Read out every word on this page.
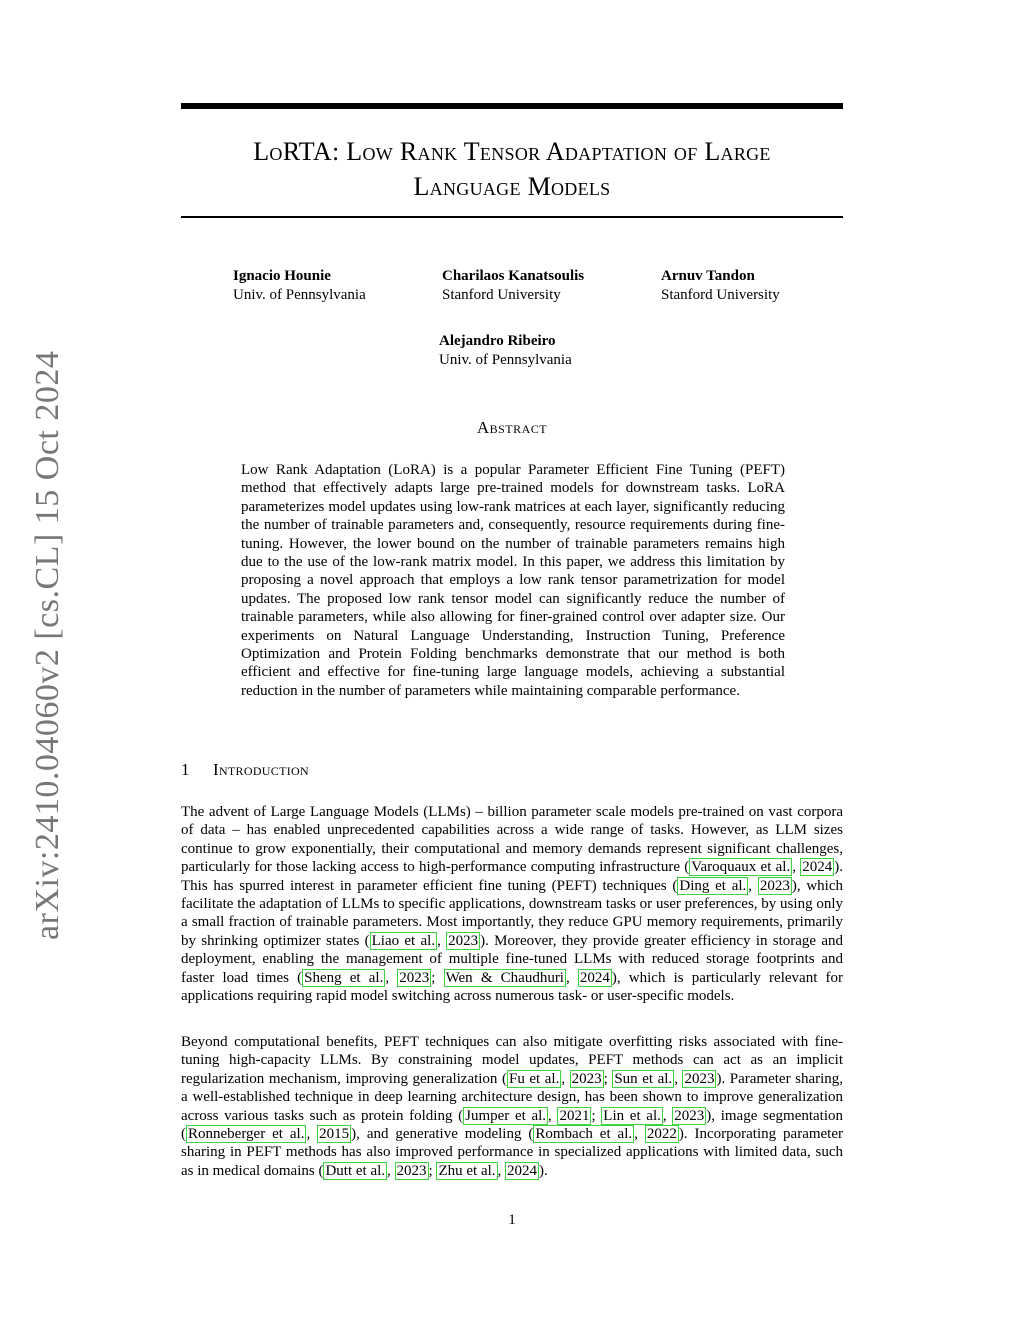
arXiv:2410.04060v2 [cs.CL] 15 Oct 2024
LoRTA: Low Rank Tensor Adaptation of Large
Language Models
Ignacio Hounie
Univ. of Pennsylvania
Charilaos Kanatsoulis
Stanford University
Arnuv Tandon
Stanford University
Alejandro Ribeiro
Univ. of Pennsylvania
Abstract
Low Rank Adaptation (LoRA) is a popular Parameter Efficient Fine Tuning (PEFT) method that effectively adapts large pre-trained models for downstream tasks. LoRA parameterizes model updates using low-rank matrices at each layer, significantly reducing the number of trainable parameters and, consequently, resource requirements during fine-tuning. However, the lower bound on the number of trainable parameters remains high due to the use of the low-rank matrix model. In this paper, we address this limitation by proposing a novel approach that employs a low rank tensor parametrization for model updates. The proposed low rank tensor model can significantly reduce the number of trainable parameters, while also allowing for finer-grained control over adapter size. Our experiments on Natural Language Understanding, Instruction Tuning, Preference Optimization and Protein Folding benchmarks demonstrate that our method is both efficient and effective for fine-tuning large language models, achieving a substantial reduction in the number of parameters while maintaining comparable performance.
1 Introduction
The advent of Large Language Models (LLMs) – billion parameter scale models pre-trained on vast corpora of data – has enabled unprecedented capabilities across a wide range of tasks. However, as LLM sizes continue to grow exponentially, their computational and memory demands represent significant challenges, particularly for those lacking access to high-performance computing infrastructure ( Varoquaux et al. , 2024 ). This has spurred interest in parameter efficient fine tuning (PEFT) techniques ( Ding et al. , 2023 ), which facilitate the adaptation of LLMs to specific applications, downstream tasks or user preferences, by using only a small fraction of trainable parameters. Most importantly, they reduce GPU memory requirements, primarily by shrinking optimizer states ( Liao et al. , 2023 ). Moreover, they provide greater efficiency in storage and deployment, enabling the management of multiple fine-tuned LLMs with reduced storage footprints and faster load times ( Sheng et al. , 2023 ; Wen & Chaudhuri , 2024 ), which is particularly relevant for applications requiring rapid model switching across numerous task- or user-specific models.
Beyond computational benefits, PEFT techniques can also mitigate overfitting risks associated with fine-tuning high-capacity LLMs. By constraining model updates, PEFT methods can act as an implicit regularization mechanism, improving generalization ( Fu et al. , 2023 ; Sun et al. , 2023 ). Parameter sharing, a well-established technique in deep learning architecture design, has been shown to improve generalization across various tasks such as protein folding ( Jumper et al. , 2021 ; Lin et al. , 2023 ), image segmentation ( Ronneberger et al. , 2015 ), and generative modeling ( Rombach et al. , 2022 ). Incorporating parameter sharing in PEFT methods has also improved performance in specialized applications with limited data, such as in medical domains ( Dutt et al. , 2023 ; Zhu et al. , 2024 ).
1
